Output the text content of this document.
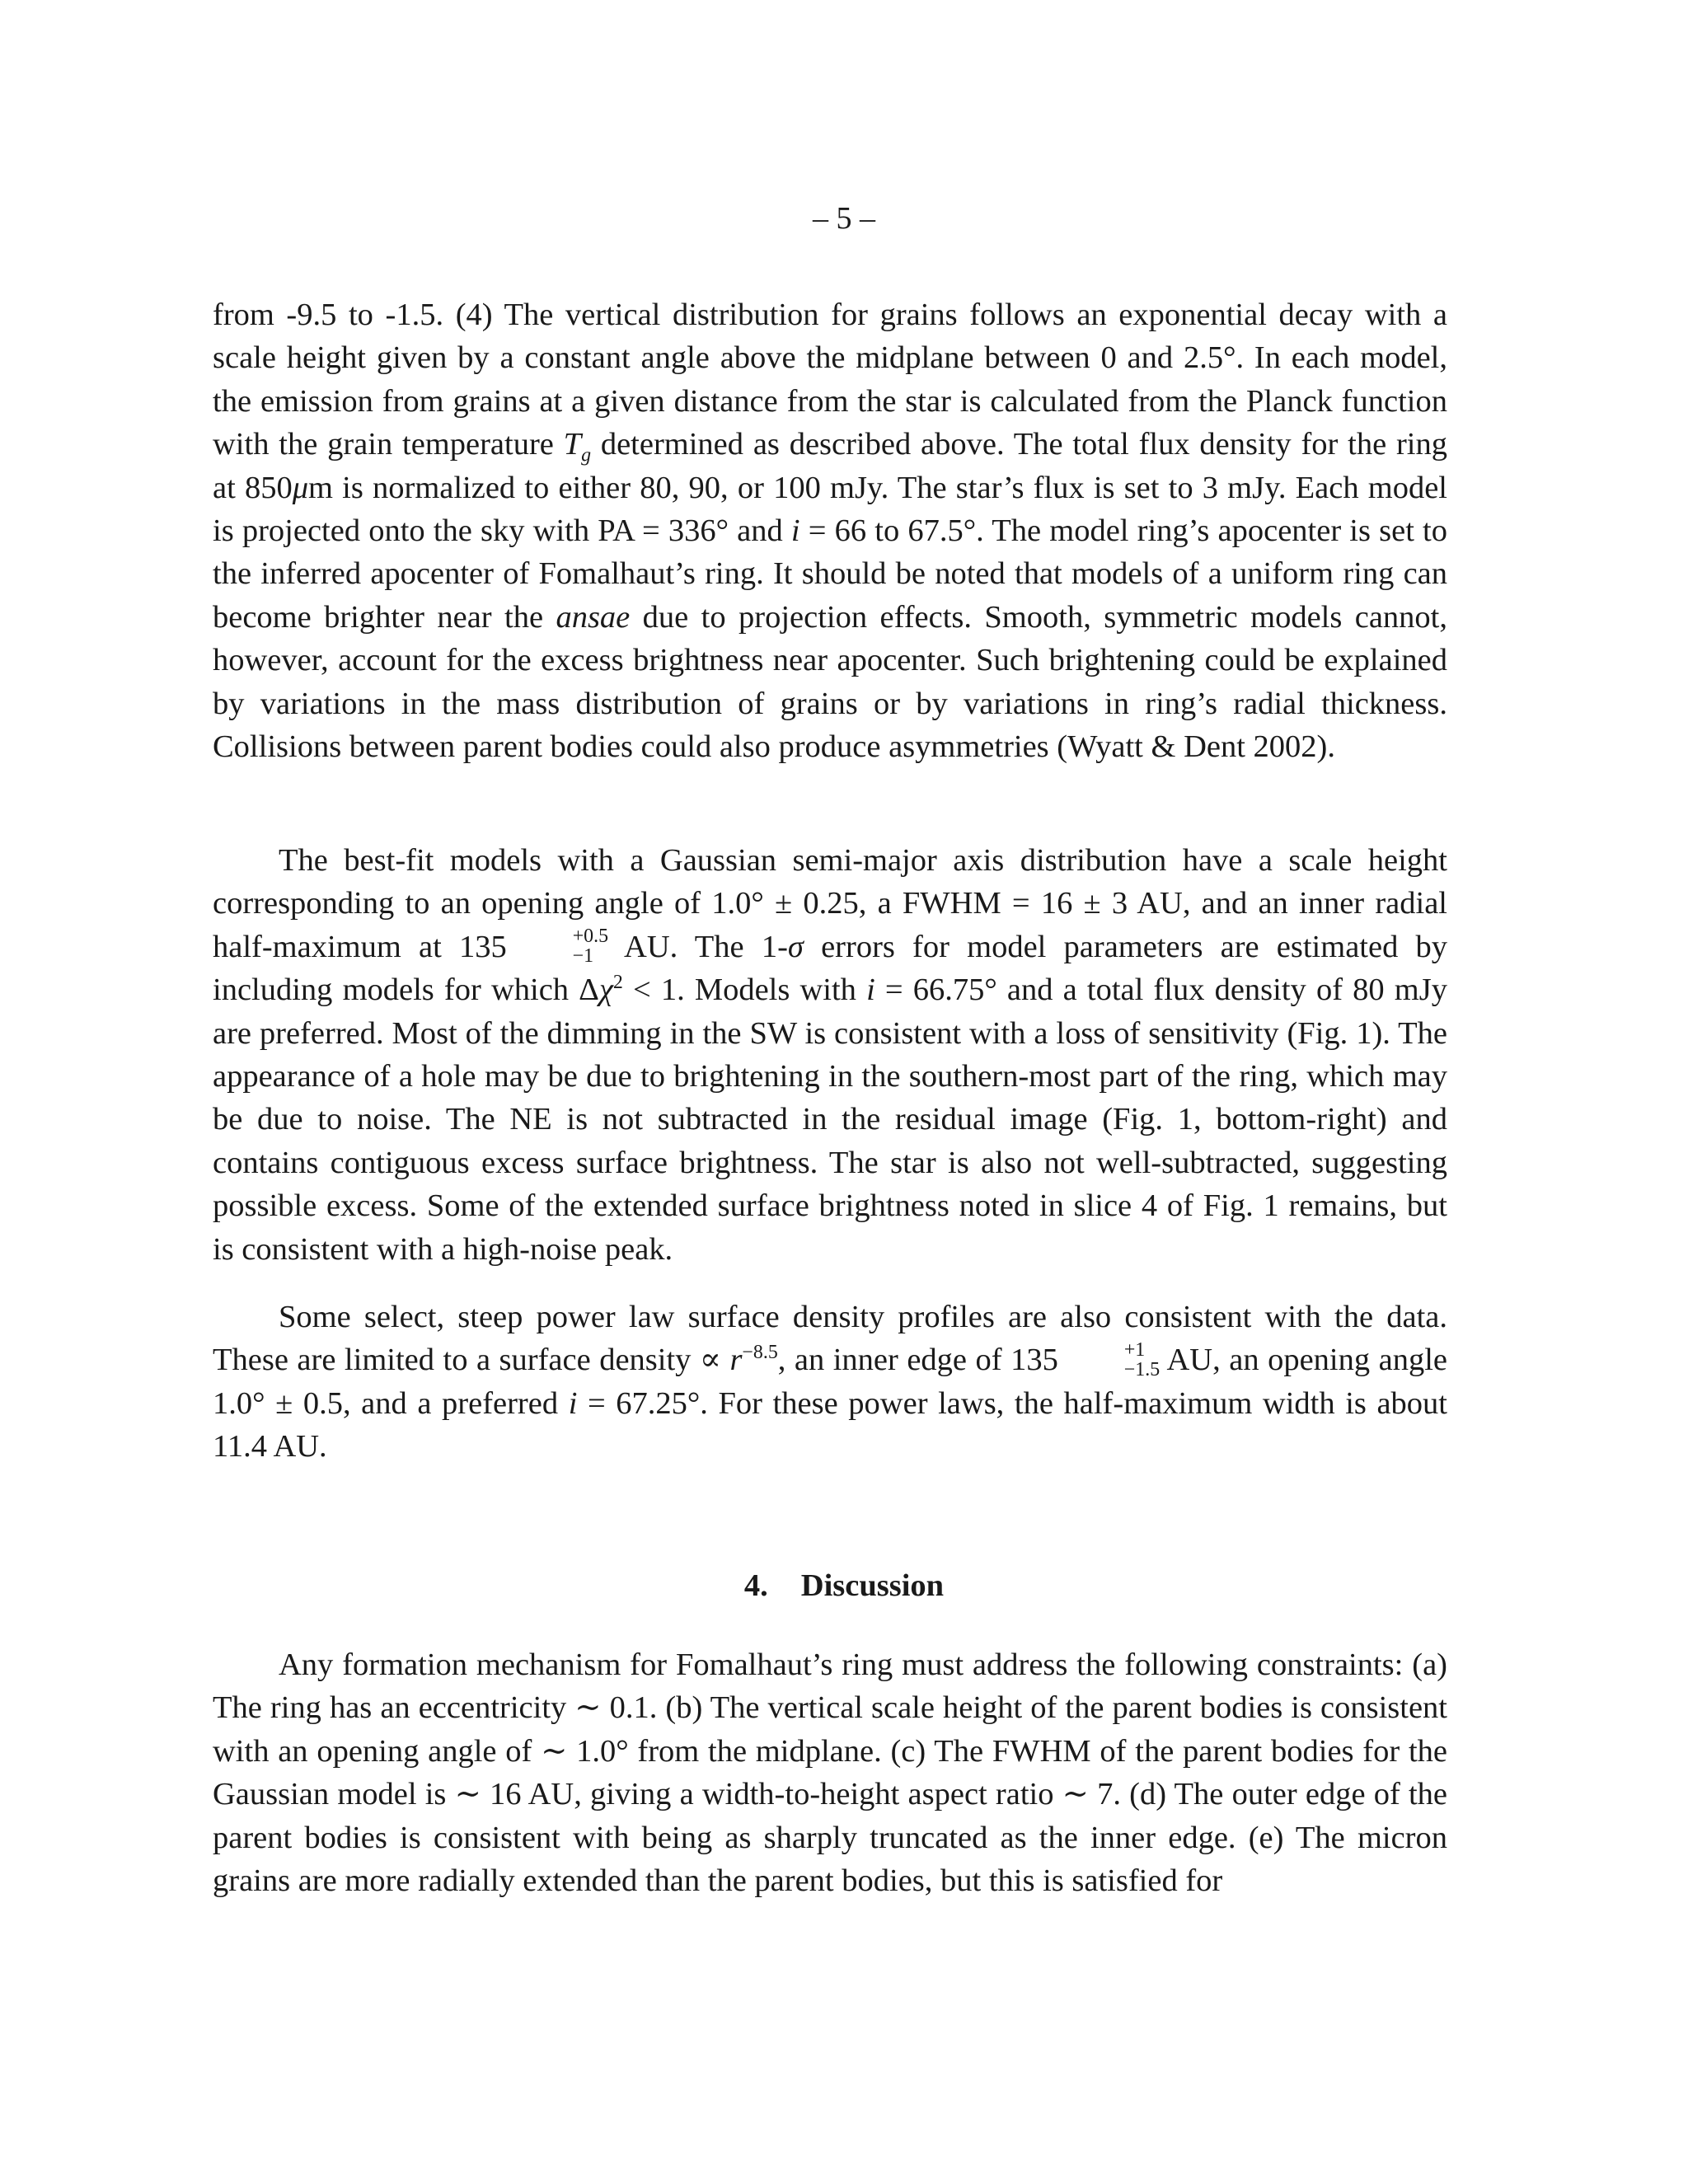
– 5 –

from -9.5 to -1.5. (4) The vertical distribution for grains follows an exponential decay with a scale height given by a constant angle above the midplane between 0 and 2.5°. In each model, the emission from grains at a given distance from the star is calculated from the Planck function with the grain temperature $T_g$ determined as described above. The total flux density for the ring at 850μm is normalized to either 80, 90, or 100 mJy. The star’s flux is set to 3 mJy. Each model is projected onto the sky with PA = 336° and i = 66 to 67.5°. The model ring’s apocenter is set to the inferred apocenter of Fomalhaut’s ring. It should be noted that models of a uniform ring can become brighter near the ansae due to projection effects. Smooth, symmetric models cannot, however, account for the excess brightness near apocenter. Such brightening could be explained by variations in the mass distribution of grains or by variations in ring’s radial thickness. Collisions between parent bodies could also produce asymmetries (Wyatt & Dent 2002).

The best-fit models with a Gaussian semi-major axis distribution have a scale height corresponding to an opening angle of 1.0° ± 0.25, a FWHM = 16 ± 3 AU, and an inner radial half-maximum at 135	+0.5
−1 AU. The 1-σ errors for model parameters are estimated by including models for which $\Delta\chi^2 < 1$. Models with i = 66.75° and a total flux density of 80 mJy are preferred. Most of the dimming in the SW is consistent with a loss of sensitivity (Fig. 1). The appearance of a hole may be due to brightening in the southern-most part of the ring, which may be due to noise. The NE is not subtracted in the residual image (Fig. 1, bottom-right) and contains contiguous excess surface brightness. The star is also not well-subtracted, suggesting possible excess. Some of the extended surface brightness noted in slice 4 of Fig. 1 remains, but is consistent with a high-noise peak.

Some select, steep power law surface density profiles are also consistent with the data. These are limited to a surface density ∝ $r^{-8.5}$, an inner edge of 135	+1
−1.5 AU, an opening angle 1.0° ± 0.5, and a preferred i = 67.25°. For these power laws, the half-maximum width is about 11.4 AU.

4. Discussion

Any formation mechanism for Fomalhaut’s ring must address the following constraints: (a) The ring has an eccentricity ∼ 0.1. (b) The vertical scale height of the parent bodies is consistent with an opening angle of ∼ 1.0° from the midplane. (c) The FWHM of the parent bodies for the Gaussian model is ∼ 16 AU, giving a width-to-height aspect ratio ∼ 7. (d) The outer edge of the parent bodies is consistent with being as sharply truncated as the inner edge. (e) The micron grains are more radially extended than the parent bodies, but this is satisfied for
